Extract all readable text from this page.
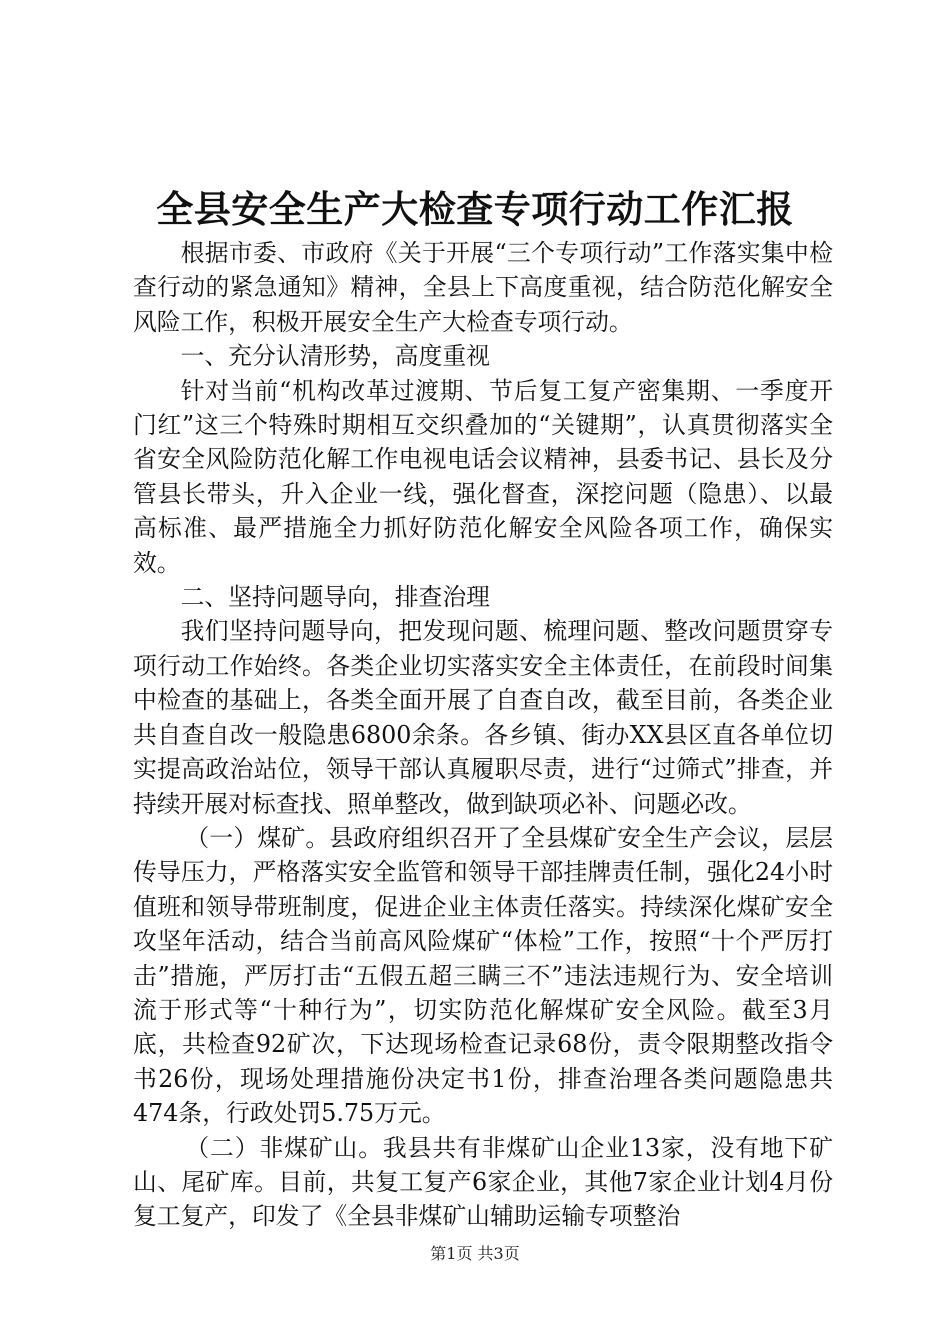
全县安全生产大检查专项行动工作汇报

根据市委、市政府《关于开展“三个专项行动”工作落实集中检查行动的紧急通知》精神，全县上下高度重视，结合防范化解安全风险工作，积极开展安全生产大检查专项行动。

一、充分认清形势，高度重视

针对当前“机构改革过渡期、节后复工复产密集期、一季度开门红”这三个特殊时期相互交织叠加的“关键期”，认真贯彻落实全省安全风险防范化解工作电视电话会议精神，县委书记、县长及分管县长带头，升入企业一线，强化督查，深挖问题（隐患）、以最高标准、最严措施全力抓好防范化解安全风险各项工作，确保实效。

二、坚持问题导向，排查治理

我们坚持问题导向，把发现问题、梳理问题、整改问题贯穿专项行动工作始终。各类企业切实落实安全主体责任，在前段时间集中检查的基础上，各类全面开展了自查自改，截至目前，各类企业共自查自改一般隐患6800余条。各乡镇、街办XX县区直各单位切实提高政治站位，领导干部认真履职尽责，进行“过筛式”排查，并持续开展对标查找、照单整改，做到缺项必补、问题必改。

（一）煤矿。县政府组织召开了全县煤矿安全生产会议，层层传导压力，严格落实安全监管和领导干部挂牌责任制，强化24小时值班和领导带班制度，促进企业主体责任落实。持续深化煤矿安全攻坚年活动，结合当前高风险煤矿“体检”工作，按照“十个严厉打击”措施，严厉打击“五假五超三瞒三不”违法违规行为、安全培训流于形式等“十种行为”，切实防范化解煤矿安全风险。截至3月底，共检查92矿次，下达现场检查记录68份，责令限期整改指令书26份，现场处理措施份决定书1份，排查治理各类问题隐患共474条，行政处罚5.75万元。

（二）非煤矿山。我县共有非煤矿山企业13家，没有地下矿山、尾矿库。目前，共复工复产6家企业，其他7家企业计划4月份复工复产，印发了《全县非煤矿山辅助运输专项整治

第1页 共3页
